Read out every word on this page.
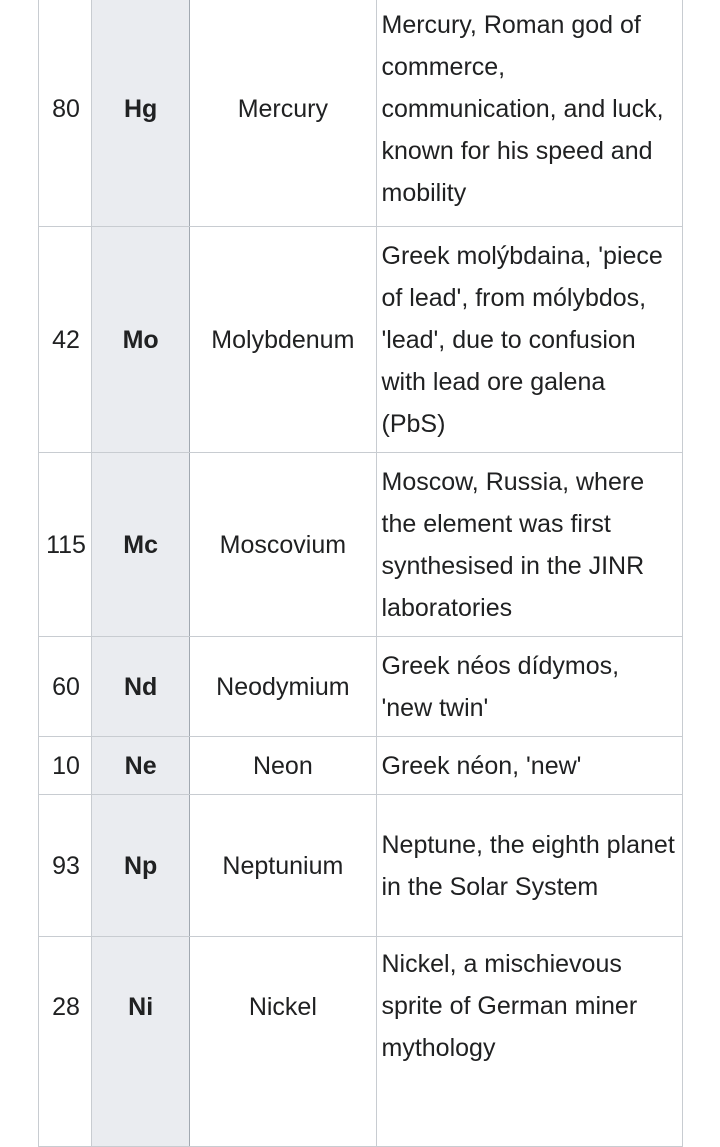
80	Hg	Mercury	Mercury, Roman god of commerce, communication, and luck, known for his speed and mobility
42	Mo	Molybdenum	Greek molýbdaina, 'piece of lead', from mólybdos, 'lead', due to confusion with lead ore galena (PbS)
115	Mc	Moscovium	Moscow, Russia, where the element was first synthesised in the JINR laboratories
60	Nd	Neodymium	Greek néos dídymos, 'new twin'
10	Ne	Neon	Greek néon, 'new'
93	Np	Neptunium	Neptune, the eighth planet in the Solar System
28	Ni	Nickel	Nickel, a mischievous sprite of German miner mythology
